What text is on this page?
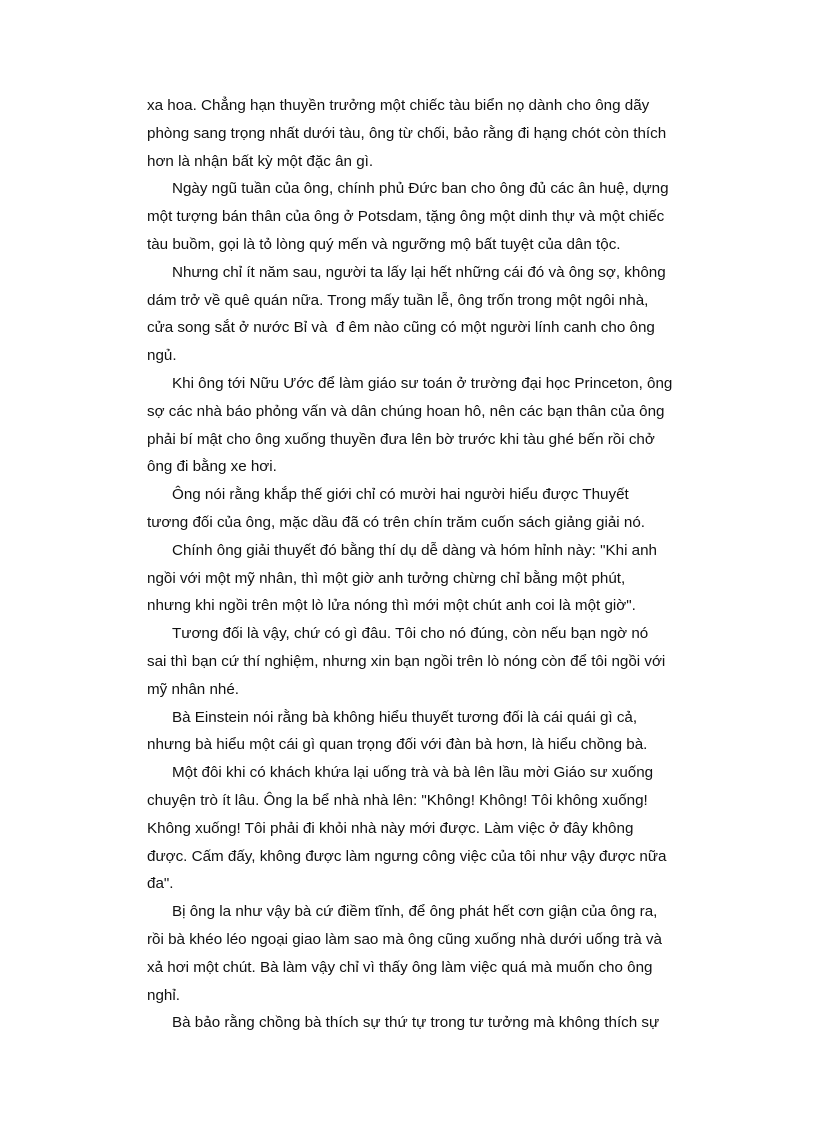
xa hoa. Chẳng hạn thuyền trưởng một chiếc tàu biển nọ dành cho ông dãy
phòng sang trọng nhất dưới tàu, ông từ chối, bảo rằng đi hạng chót còn thích
hơn là nhận bất kỳ một đặc ân gì.
Ngày ngũ tuần của ông, chính phủ Đức ban cho ông đủ các ân huệ, dựng
một tượng bán thân của ông ở Potsdam, tặng ông một dinh thự và một chiếc
tàu buồm, gọi là tỏ lòng quý mến và ngưỡng mộ bất tuyệt của dân tộc.
Nhưng chỉ ít năm sau, người ta lấy lại hết những cái đó và ông sợ, không
dám trở về quê quán nữa. Trong mấy tuần lễ, ông trốn trong một ngôi nhà,
cửa song sắt ở nước Bỉ và  đ êm nào cũng có một người lính canh cho ông
ngủ.
Khi ông tới Nữu Ước để làm giáo sư toán ở trường đại học Princeton, ông
sợ các nhà báo phỏng vấn và dân chúng hoan hô, nên các bạn thân của ông
phải bí mật cho ông xuống thuyền đưa lên bờ trước khi tàu ghé bến rồi chở
ông đi bằng xe hơi.
Ông nói rằng khắp thế giới chỉ có mười hai người hiểu được Thuyết
tương đối của ông, mặc dầu đã có trên chín trăm cuốn sách giảng giải nó.
Chính ông giải thuyết đó bằng thí dụ dễ dàng và hóm hỉnh này: "Khi anh
ngồi với một mỹ nhân, thì một giờ anh tưởng chừng chỉ bằng một phút,
nhưng khi ngồi trên một lò lửa nóng thì mới một chút anh coi là một giờ".
Tương đối là vậy, chứ có gì đâu. Tôi cho nó đúng, còn nếu bạn ngờ nó
sai thì bạn cứ thí nghiệm, nhưng xin bạn ngồi trên lò nóng còn để tôi ngồi với
mỹ nhân nhé.
Bà Einstein nói rằng bà không hiểu thuyết tương đối là cái quái gì cả,
nhưng bà hiểu một cái gì quan trọng đối với đàn bà hơn, là hiểu chồng bà.
Một đôi khi có khách khứa lại uống trà và bà lên lầu mời Giáo sư xuống
chuyện trò ít lâu. Ông la bể nhà nhà lên: "Không! Không! Tôi không xuống!
Không xuống! Tôi phải đi khỏi nhà này mới được. Làm việc ở đây không
được. Cấm đấy, không được làm ngưng công việc của tôi như vậy được nữa
đa".
Bị ông la như vậy bà cứ điềm tĩnh, để ông phát hết cơn giận của ông ra,
rồi bà khéo léo ngoại giao làm sao mà ông cũng xuống nhà dưới uống trà và
xả hơi một chút. Bà làm vậy chỉ vì thấy ông làm việc quá mà muốn cho ông
nghỉ.
Bà bảo rằng chồng bà thích sự thứ tự trong tư tưởng mà không thích sự
